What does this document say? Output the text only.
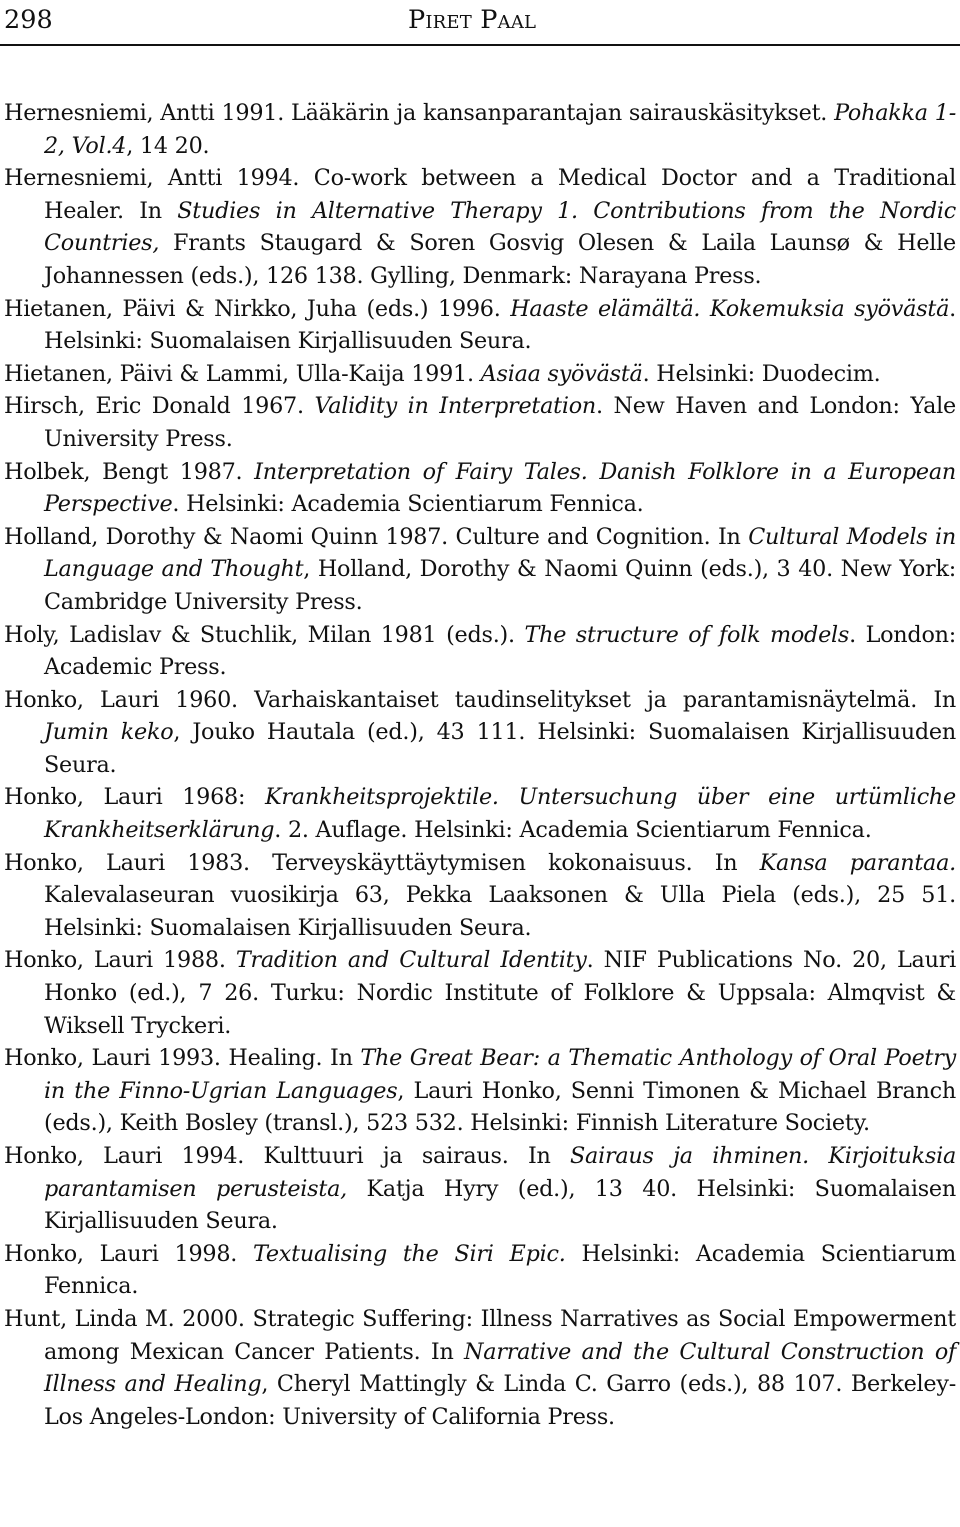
298	Piret Paal

Hernesniemi, Antti 1991. Lääkärin ja kansanparantajan sairauskäsitykset. Pohakka 1-2, Vol.4, 14 20.

Hernesniemi, Antti 1994. Co-work between a Medical Doctor and a Traditional Healer. In Studies in Alternative Therapy 1. Contributions from the Nordic Countries, Frants Staugard & Soren Gosvig Olesen & Laila Launsø & Helle Johannessen (eds.), 126 138. Gylling, Denmark: Narayana Press.

Hietanen, Päivi & Nirkko, Juha (eds.) 1996. Haaste elämältä. Kokemuksia syövästä. Helsinki: Suomalaisen Kirjallisuuden Seura.

Hietanen, Päivi & Lammi, Ulla-Kaija 1991. Asiaa syövästä. Helsinki: Duodecim.

Hirsch, Eric Donald 1967. Validity in Interpretation. New Haven and London: Yale University Press.

Holbek, Bengt 1987. Interpretation of Fairy Tales. Danish Folklore in a European Perspective. Helsinki: Academia Scientiarum Fennica.

Holland, Dorothy & Naomi Quinn 1987. Culture and Cognition. In Cultural Models in Language and Thought, Holland, Dorothy & Naomi Quinn (eds.), 3 40. New York: Cambridge University Press.

Holy, Ladislav & Stuchlik, Milan 1981 (eds.). The structure of folk models. London: Academic Press.

Honko, Lauri 1960. Varhaiskantaiset taudinselitykset ja parantamisnäytelmä. In Jumin keko, Jouko Hautala (ed.), 43 111. Helsinki: Suomalaisen Kirjallisuuden Seura.

Honko, Lauri 1968: Krankheitsprojektile. Untersuchung über eine urtümliche Krankheitserklärung. 2. Auflage. Helsinki: Academia Scientiarum Fennica.

Honko, Lauri 1983. Terveyskäyttäytymisen kokonaisuus. In Kansa parantaa. Kalevalaseuran vuosikirja 63, Pekka Laaksonen & Ulla Piela (eds.), 25 51. Helsinki: Suomalaisen Kirjallisuuden Seura.

Honko, Lauri 1988. Tradition and Cultural Identity. NIF Publications No. 20, Lauri Honko (ed.), 7 26. Turku: Nordic Institute of Folklore & Uppsala: Almqvist & Wiksell Tryckeri.

Honko, Lauri 1993. Healing. In The Great Bear: a Thematic Anthology of Oral Poetry in the Finno-Ugrian Languages, Lauri Honko, Senni Timonen & Michael Branch (eds.), Keith Bosley (transl.), 523 532. Helsinki: Finnish Literature Society.

Honko, Lauri 1994. Kulttuuri ja sairaus. In Sairaus ja ihminen. Kirjoituksia parantamisen perusteista, Katja Hyry (ed.), 13 40. Helsinki: Suomalaisen Kirjallisuuden Seura.

Honko, Lauri 1998. Textualising the Siri Epic. Helsinki: Academia Scientiarum Fennica.

Hunt, Linda M. 2000. Strategic Suffering: Illness Narratives as Social Empowerment among Mexican Cancer Patients. In Narrative and the Cultural Construction of Illness and Healing, Cheryl Mattingly & Linda C. Garro (eds.), 88 107. Berkeley-Los Angeles-London: University of California Press.
